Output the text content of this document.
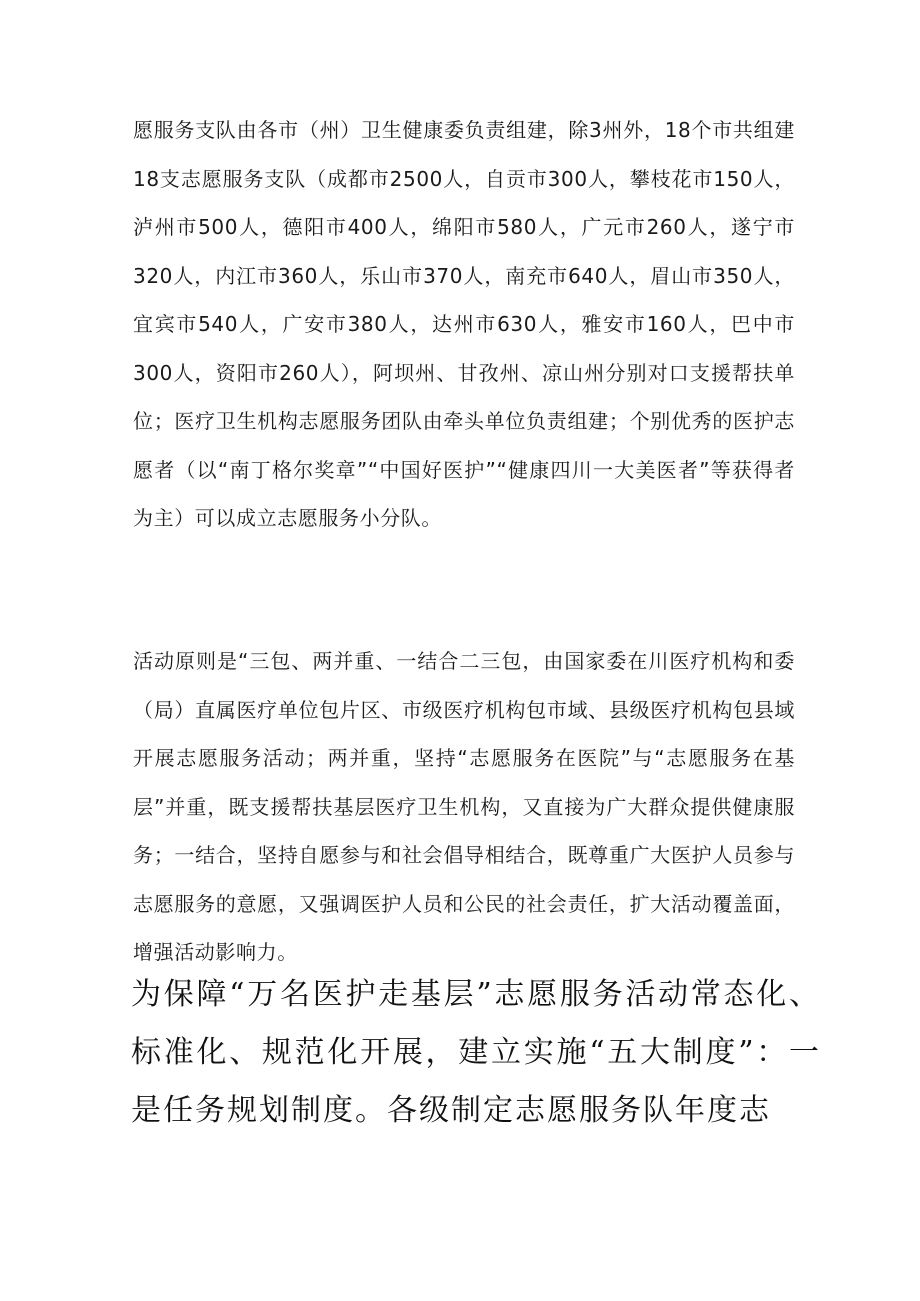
愿服务支队由各市（州）卫生健康委负责组建，除3州外，18个市共组建18支志愿服务支队（成都市2500人，自贡市300人，攀枝花市150人，泸州市500人，德阳市400人，绵阳市580人，广元市260人，遂宁市320人，内江市360人，乐山市370人，南充市640人，眉山市350人，宜宾市540人，广安市380人，达州市630人，雅安市160人，巴中市300人，资阳市260人），阿坝州、甘孜州、凉山州分别对口支援帮扶单位；医疗卫生机构志愿服务团队由牵头单位负责组建；个别优秀的医护志愿者（以“南丁格尔奖章”“中国好医护”“健康四川一大美医者”等获得者为主）可以成立志愿服务小分队。

活动原则是“三包、两并重、一结合二三包，由国家委在川医疗机构和委（局）直属医疗单位包片区、市级医疗机构包市域、县级医疗机构包县域开展志愿服务活动；两并重，坚持“志愿服务在医院”与“志愿服务在基层”并重，既支援帮扶基层医疗卫生机构，又直接为广大群众提供健康服务；一结合，坚持自愿参与和社会倡导相结合，既尊重广大医护人员参与志愿服务的意愿，又强调医护人员和公民的社会责任，扩大活动覆盖面，增强活动影响力。

为保障“万名医护走基层”志愿服务活动常态化、标准化、规范化开展，建立实施“五大制度”：一是任务规划制度。各级制定志愿服务队年度志
